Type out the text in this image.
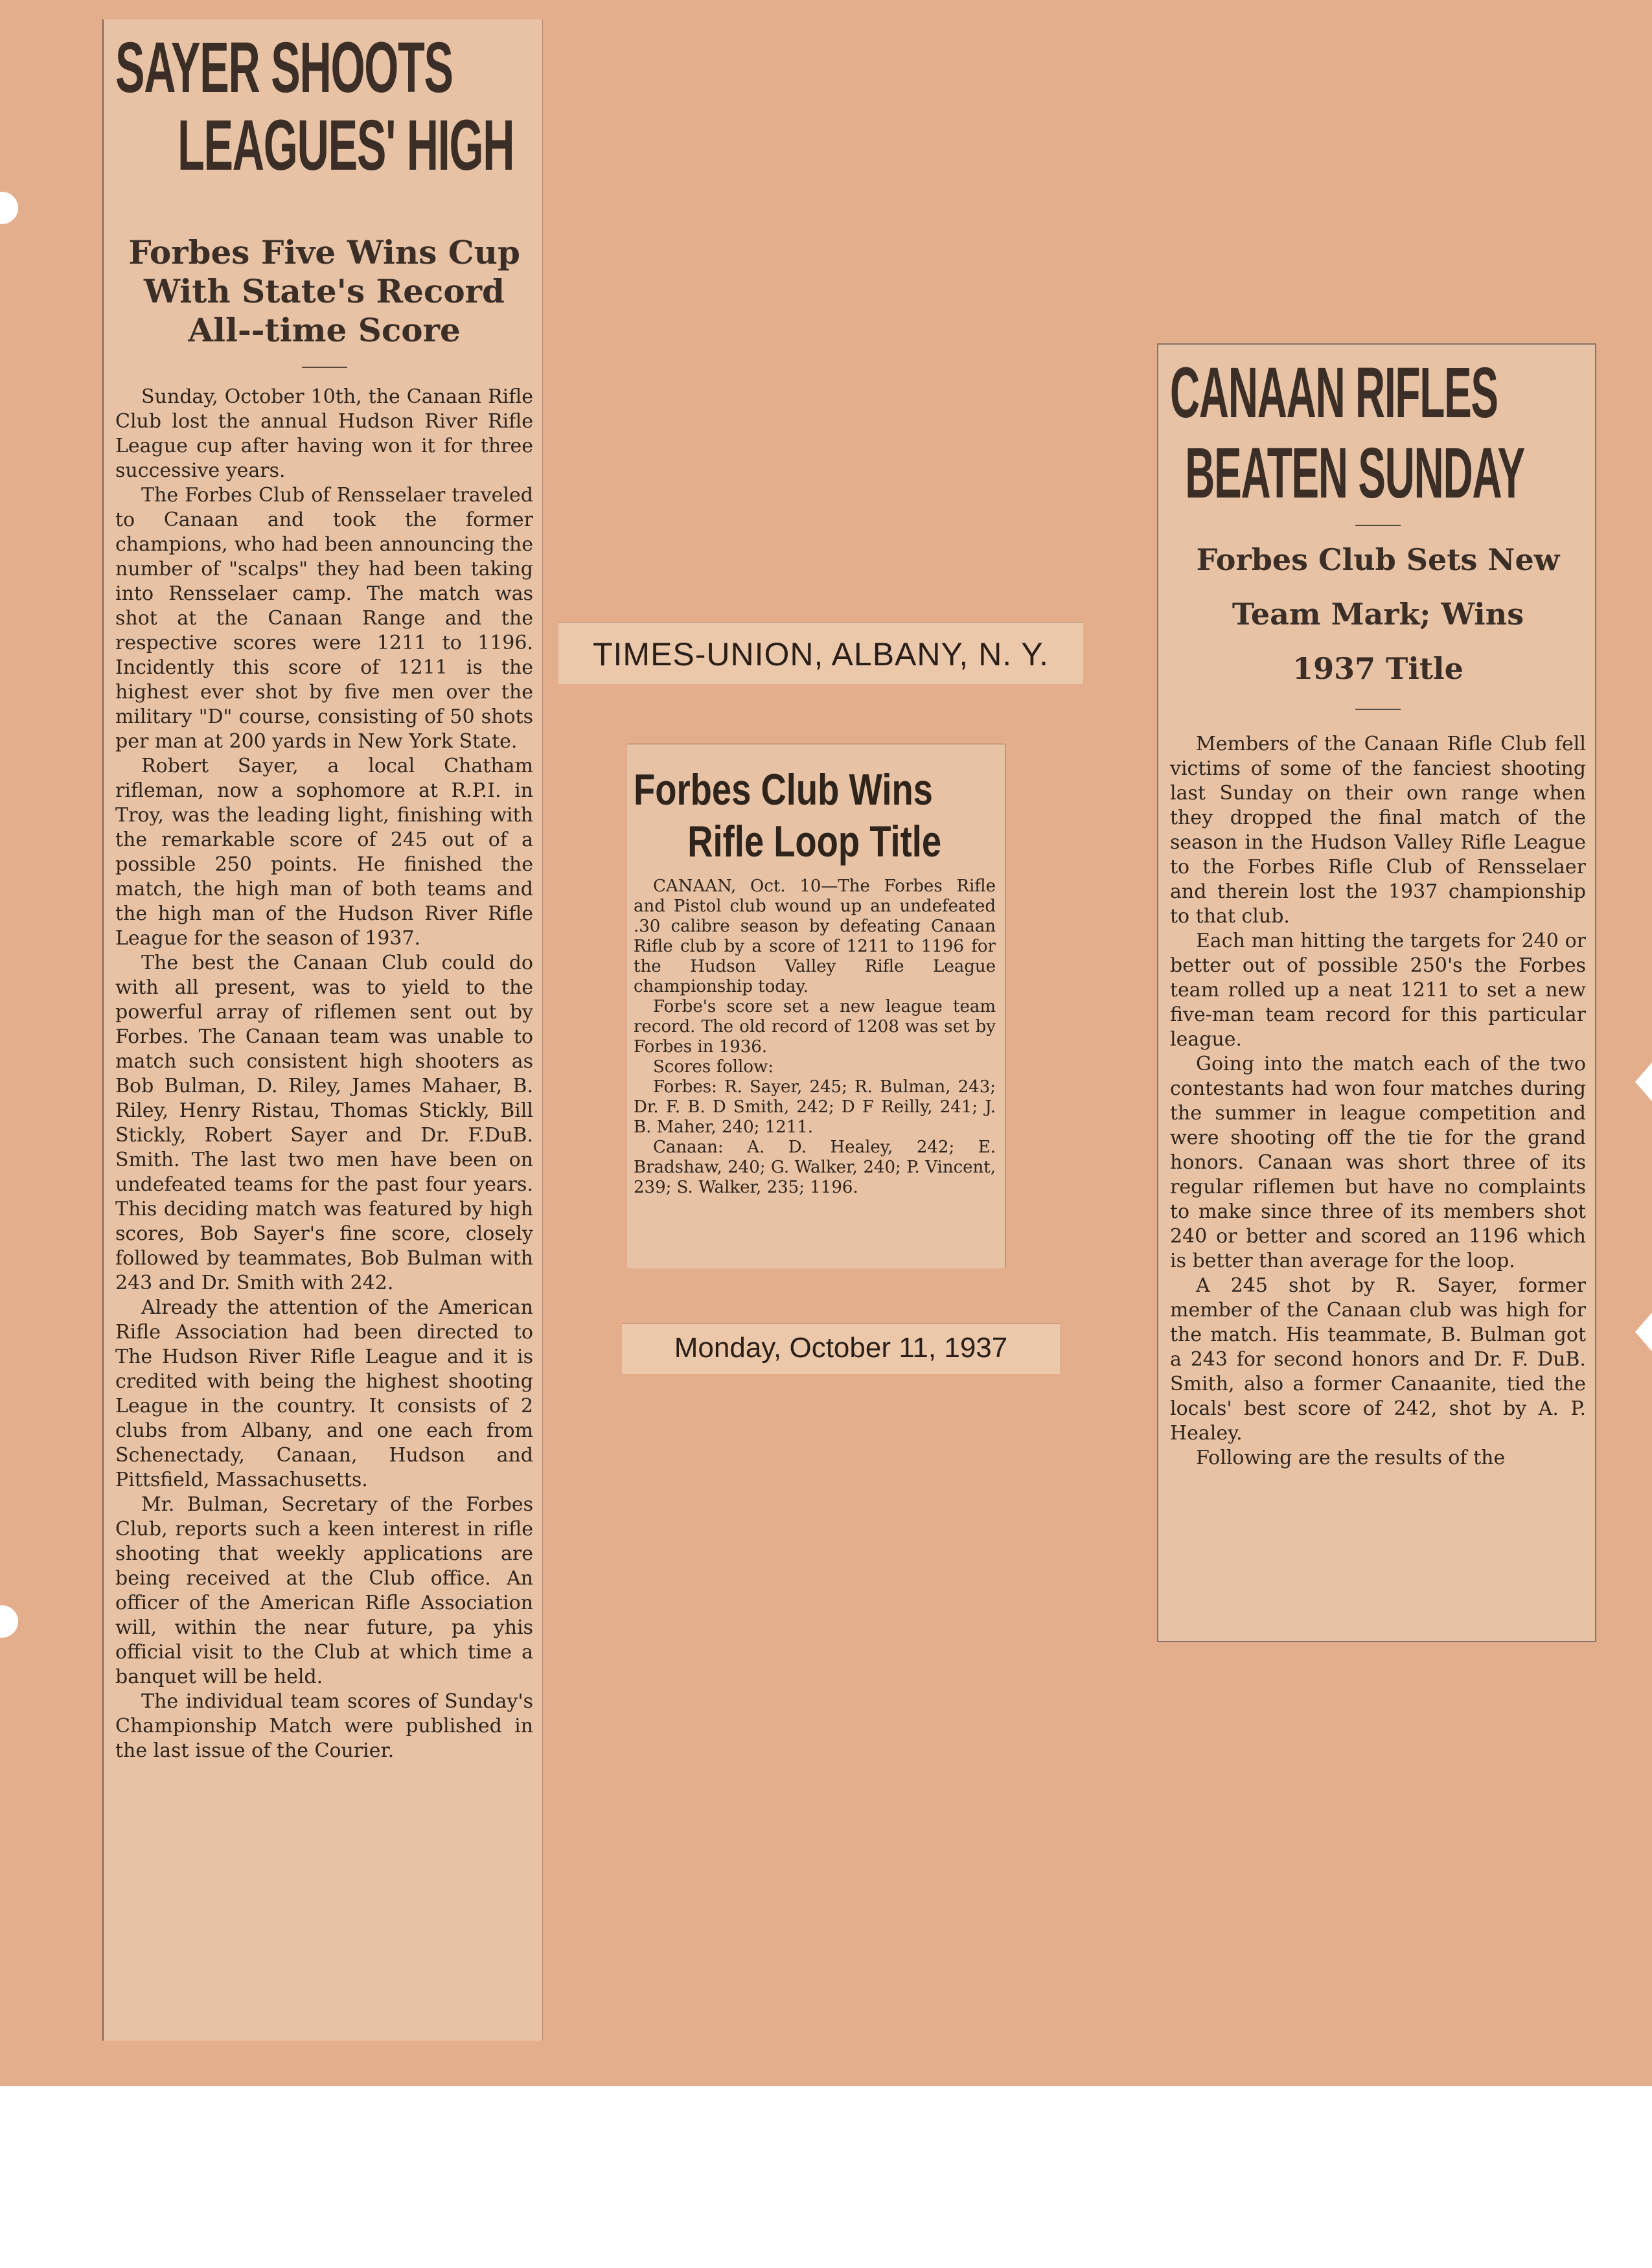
SAYER SHOOTS
LEAGUES' HIGH
Forbes Five Wins Cup
With State's Record
All--time Score

Sunday, October 10th, the Canaan Rifle Club lost the annual Hudson River Rifle League cup after having won it for three successive years.

The Forbes Club of Rensselaer traveled to Canaan and took the former champions, who had been announcing the number of "scalps" they had been taking into Rensselaer camp. The match was shot at the Canaan Range and the respective scores were 1211 to 1196. Incidently this score of 1211 is the highest ever shot by five men over the military "D" course, consisting of 50 shots per man at 200 yards in New York State.

Robert Sayer, a local Chatham rifleman, now a sophomore at R.P.I. in Troy, was the leading light, finishing with the remarkable score of 245 out of a possible 250 points. He finished the match, the high man of both teams and the high man of the Hudson River Rifle League for the season of 1937.

The best the Canaan Club could do with all present, was to yield to the powerful array of riflemen sent out by Forbes. The Canaan team was unable to match such consistent high shooters as Bob Bulman, D. Riley, James Mahaer, B. Riley, Henry Ristau, Thomas Stickly, Bill Stickly, Robert Sayer and Dr. F.DuB. Smith. The last two men have been on undefeated teams for the past four years. This deciding match was featured by high scores, Bob Sayer's fine score, closely followed by teammates, Bob Bulman with 243 and Dr. Smith with 242.

Already the attention of the American Rifle Association had been directed to The Hudson River Rifle League and it is credited with being the highest shooting League in the country. It consists of 2 clubs from Albany, and one each from Schenectady, Canaan, Hudson and Pittsfield, Massachusetts.

Mr. Bulman, Secretary of the Forbes Club, reports such a keen interest in rifle shooting that weekly applications are being received at the Club office. An officer of the American Rifle Association will, within the near future, pa yhis official visit to the Club at which time a banquet will be held.

The individual team scores of Sunday's Championship Match were published in the last issue of the Courier.

TIMES-UNION, ALBANY, N. Y.
Forbes Club Wins
Rifle Loop Title

CANAAN, Oct. 10—The Forbes Rifle and Pistol club wound up an undefeated .30 calibre season by defeating Canaan Rifle club by a score of 1211 to 1196 for the Hudson Valley Rifle League championship today.

Forbe's score set a new league team record. The old record of 1208 was set by Forbes in 1936.

Scores follow:

Forbes: R. Sayer, 245; R. Bulman, 243; Dr. F. B. D Smith, 242; D F Reilly, 241; J. B. Maher, 240; 1211.

Canaan: A. D. Healey, 242; E. Bradshaw, 240; G. Walker, 240; P. Vincent, 239; S. Walker, 235; 1196.

Monday, October 11, 1937
CANAAN RIFLES
BEATEN SUNDAY
Forbes Club Sets New
Team Mark; Wins
1937 Title

Members of the Canaan Rifle Club fell victims of some of the fanciest shooting last Sunday on their own range when they dropped the final match of the season in the Hudson Valley Rifle League to the Forbes Rifle Club of Rensselaer and therein lost the 1937 championship to that club.

Each man hitting the targets for 240 or better out of possible 250's the Forbes team rolled up a neat 1211 to set a new five-man team record for this particular league.

Going into the match each of the two contestants had won four matches during the summer in league competition and were shooting off the tie for the grand honors. Canaan was short three of its regular riflemen but have no complaints to make since three of its members shot 240 or better and scored an 1196 which is better than average for the loop.

A 245 shot by R. Sayer, former member of the Canaan club was high for the match. His teammate, B. Bulman got a 243 for second honors and Dr. F. DuB. Smith, also a former Canaanite, tied the locals' best score of 242, shot by A. P. Healey.

Following are the results of the
